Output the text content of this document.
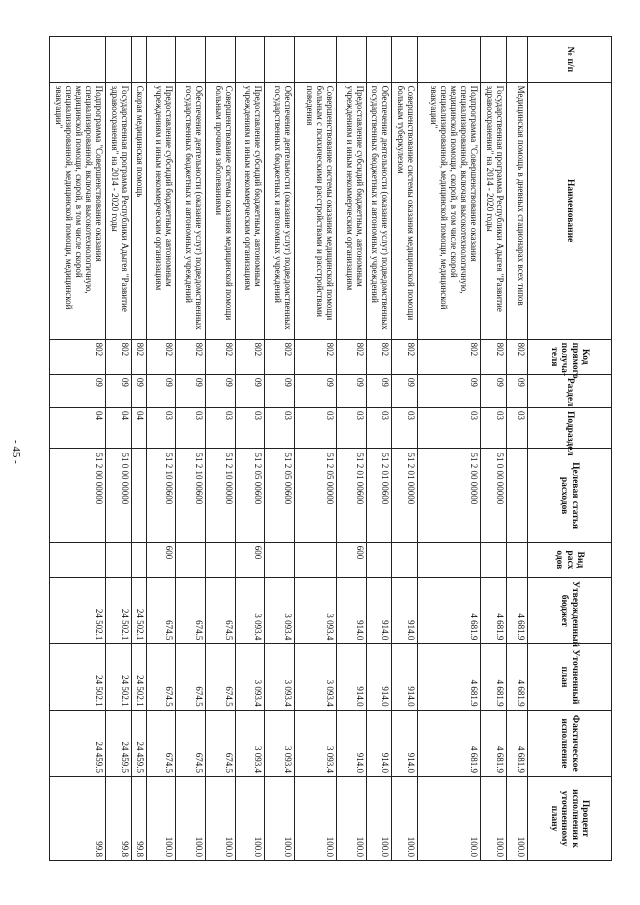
- 45 -
№ п/п	Наименование	Код прямого получа-теля	Раздел	Подраздел	Целевая статья расходов	Вид расх одов	Утвержденный бюджет	Уточненный план	Фактическое исполнение	Процент исполнения к уточненному плану
	Медицинская помощь в дневных стационарах всех типов	802	09	03			4 681.9	4 681.9	4 681.9	100.0
	Государственная программа Республики Адыгея "Развитие здравоохранения" на 2014 - 2020 годы	802	09	03	51 0 00 00000		4 681.9	4 681.9	4 681.9	100.0
	Подпрограмма "Совершенствование оказания специализированной, включая высокотехнологичную, медицинской помощи, скорой, в том числе скорой специализированной, медицинской помощи, медицинской эвакуации"	802	09	03	51 2 00 00000		4 681.9	4 681.9	4 681.9	100.0
	Совершенствование системы оказания медицинской помощи больным туберкулезом	802	09	03	51 2 01 00000		914.0	914.0	914.0	100.0
	Обеспечение деятельности (оказание услуг) подведомственных государственных бюджетных и автономных учреждений	802	09	03	51 2 01 00600		914.0	914.0	914.0	100.0
	Предоставление субсидий бюджетным, автономным учреждениям и иным некоммерческим организациям	802	09	03	51 2 01 00600	600	914.0	914.0	914.0	100.0
	Совершенствование системы оказания медицинской помощи больным с психическими расстройствами и расстройствами поведения	802	09	03	51 2 05 00000		3 093.4	3 093.4	3 093.4	100.0
	Обеспечение деятельности (оказание услуг) подведомственных государственных бюджетных и автономных учреждений	802	09	03	51 2 05 00600		3 093.4	3 093.4	3 093.4	100.0
	Предоставление субсидий бюджетным, автономным учреждениям и иным некоммерческим организациям	802	09	03	51 2 05 00600	600	3 093.4	3 093.4	3 093.4	100.0
	Совершенствование системы оказания медицинской помощи больным прочими заболеваниями	802	09	03	51 2 10 00000		674.5	674.5	674.5	100.0
	Обеспечение деятельности (оказание услуг) подведомственных государственных бюджетных и автономных учреждений	802	09	03	51 2 10 00600		674.5	674.5	674.5	100.0
	Предоставление субсидий бюджетным, автономным учреждениям и иным некоммерческим организациям	802	09	03	51 2 10 00600	600	674.5	674.5	674.5	100.0
	Скорая медицинская помощь	802	09	04			24 502.1	24 502.1	24 459.5	99.8
	Государственная программа Республики Адыгея "Развитие здравоохранения" на 2014 - 2020 годы	802	09	04	51 0 00 00000		24 502.1	24 502.1	24 459.5	99.8
	Подпрограмма "Совершенствование оказания специализированной, включая высокотехнологичную, медицинской помощи, скорой, в том числе скорой специализированной, медицинской помощи, медицинской эвакуации"	802	09	04	51 2 00 00000		24 502.1	24 502.1	24 459.5	99.8
